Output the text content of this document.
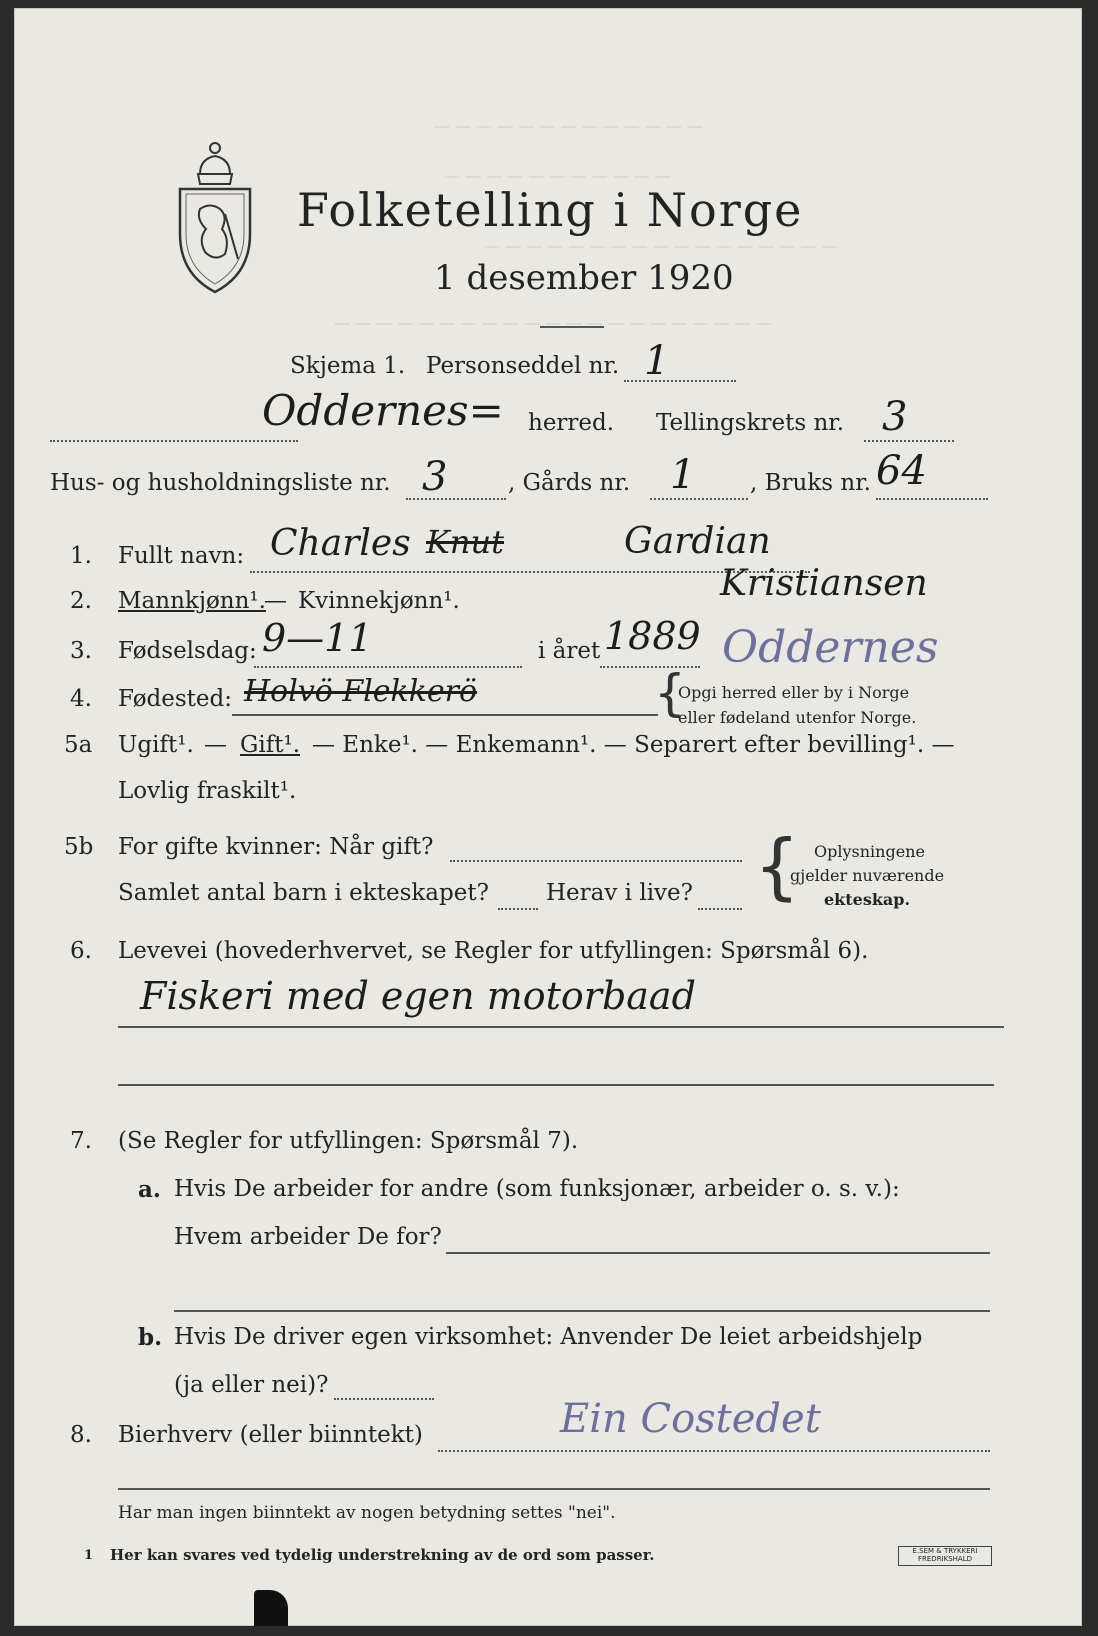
— — — — — — — — — — — — —
— — — — — — — — — — —
— — — — — — — — — — — — — — — — —
— — — — — — — — — — — — — — — — — — — — —
Folketelling i Norge
1 desember 1920
Skjema 1. Personseddel nr. 1
Oddernes= herred. Tellingskrets nr. 3
Hus- og husholdningsliste nr. 3	, Gårds nr. 1 , Bruks nr. 64
1. Fullt navn: Charles Knut	Gardian
Kristiansen
2. Mannkjønn¹.
— Kvinnekjønn¹.
3. Fødselsdag: 9—11	i året 1889 Oddernes
4. Fødested: Holvö Flekkerö	{
Opgi herred eller by i Norge
eller fødeland utenfor Norge.
5a Ugift¹. — Gift¹. — Enke¹. — Enkemann¹. — Separert efter bevilling¹. —
Lovlig fraskilt¹.
5b For gifte kvinner: Når gift?
Samlet antal barn i ekteskapet? Herav i live? { Oplysningene
gjelder nuværende
ekteskap.
6. Levevei (hovederhvervet, se Regler for utfyllingen: Spørsmål 6).
Fiskeri med egen motorbaad
7. (Se Regler for utfyllingen: Spørsmål 7).
a. Hvis De arbeider for andre (som funksjonær, arbeider o. s. v.):
Hvem arbeider De for?
b. Hvis De driver egen virksomhet: Anvender De leiet arbeidshjelp
(ja eller nei)?
8. Bierhverv (eller biinntekt)	Ein Costedet
Har man ingen biinntekt av nogen betydning settes "nei".
1 Her kan svares ved tydelig understrekning av de ord som passer.	E.SEM & TRYKKERI FREDRIKSHALD
